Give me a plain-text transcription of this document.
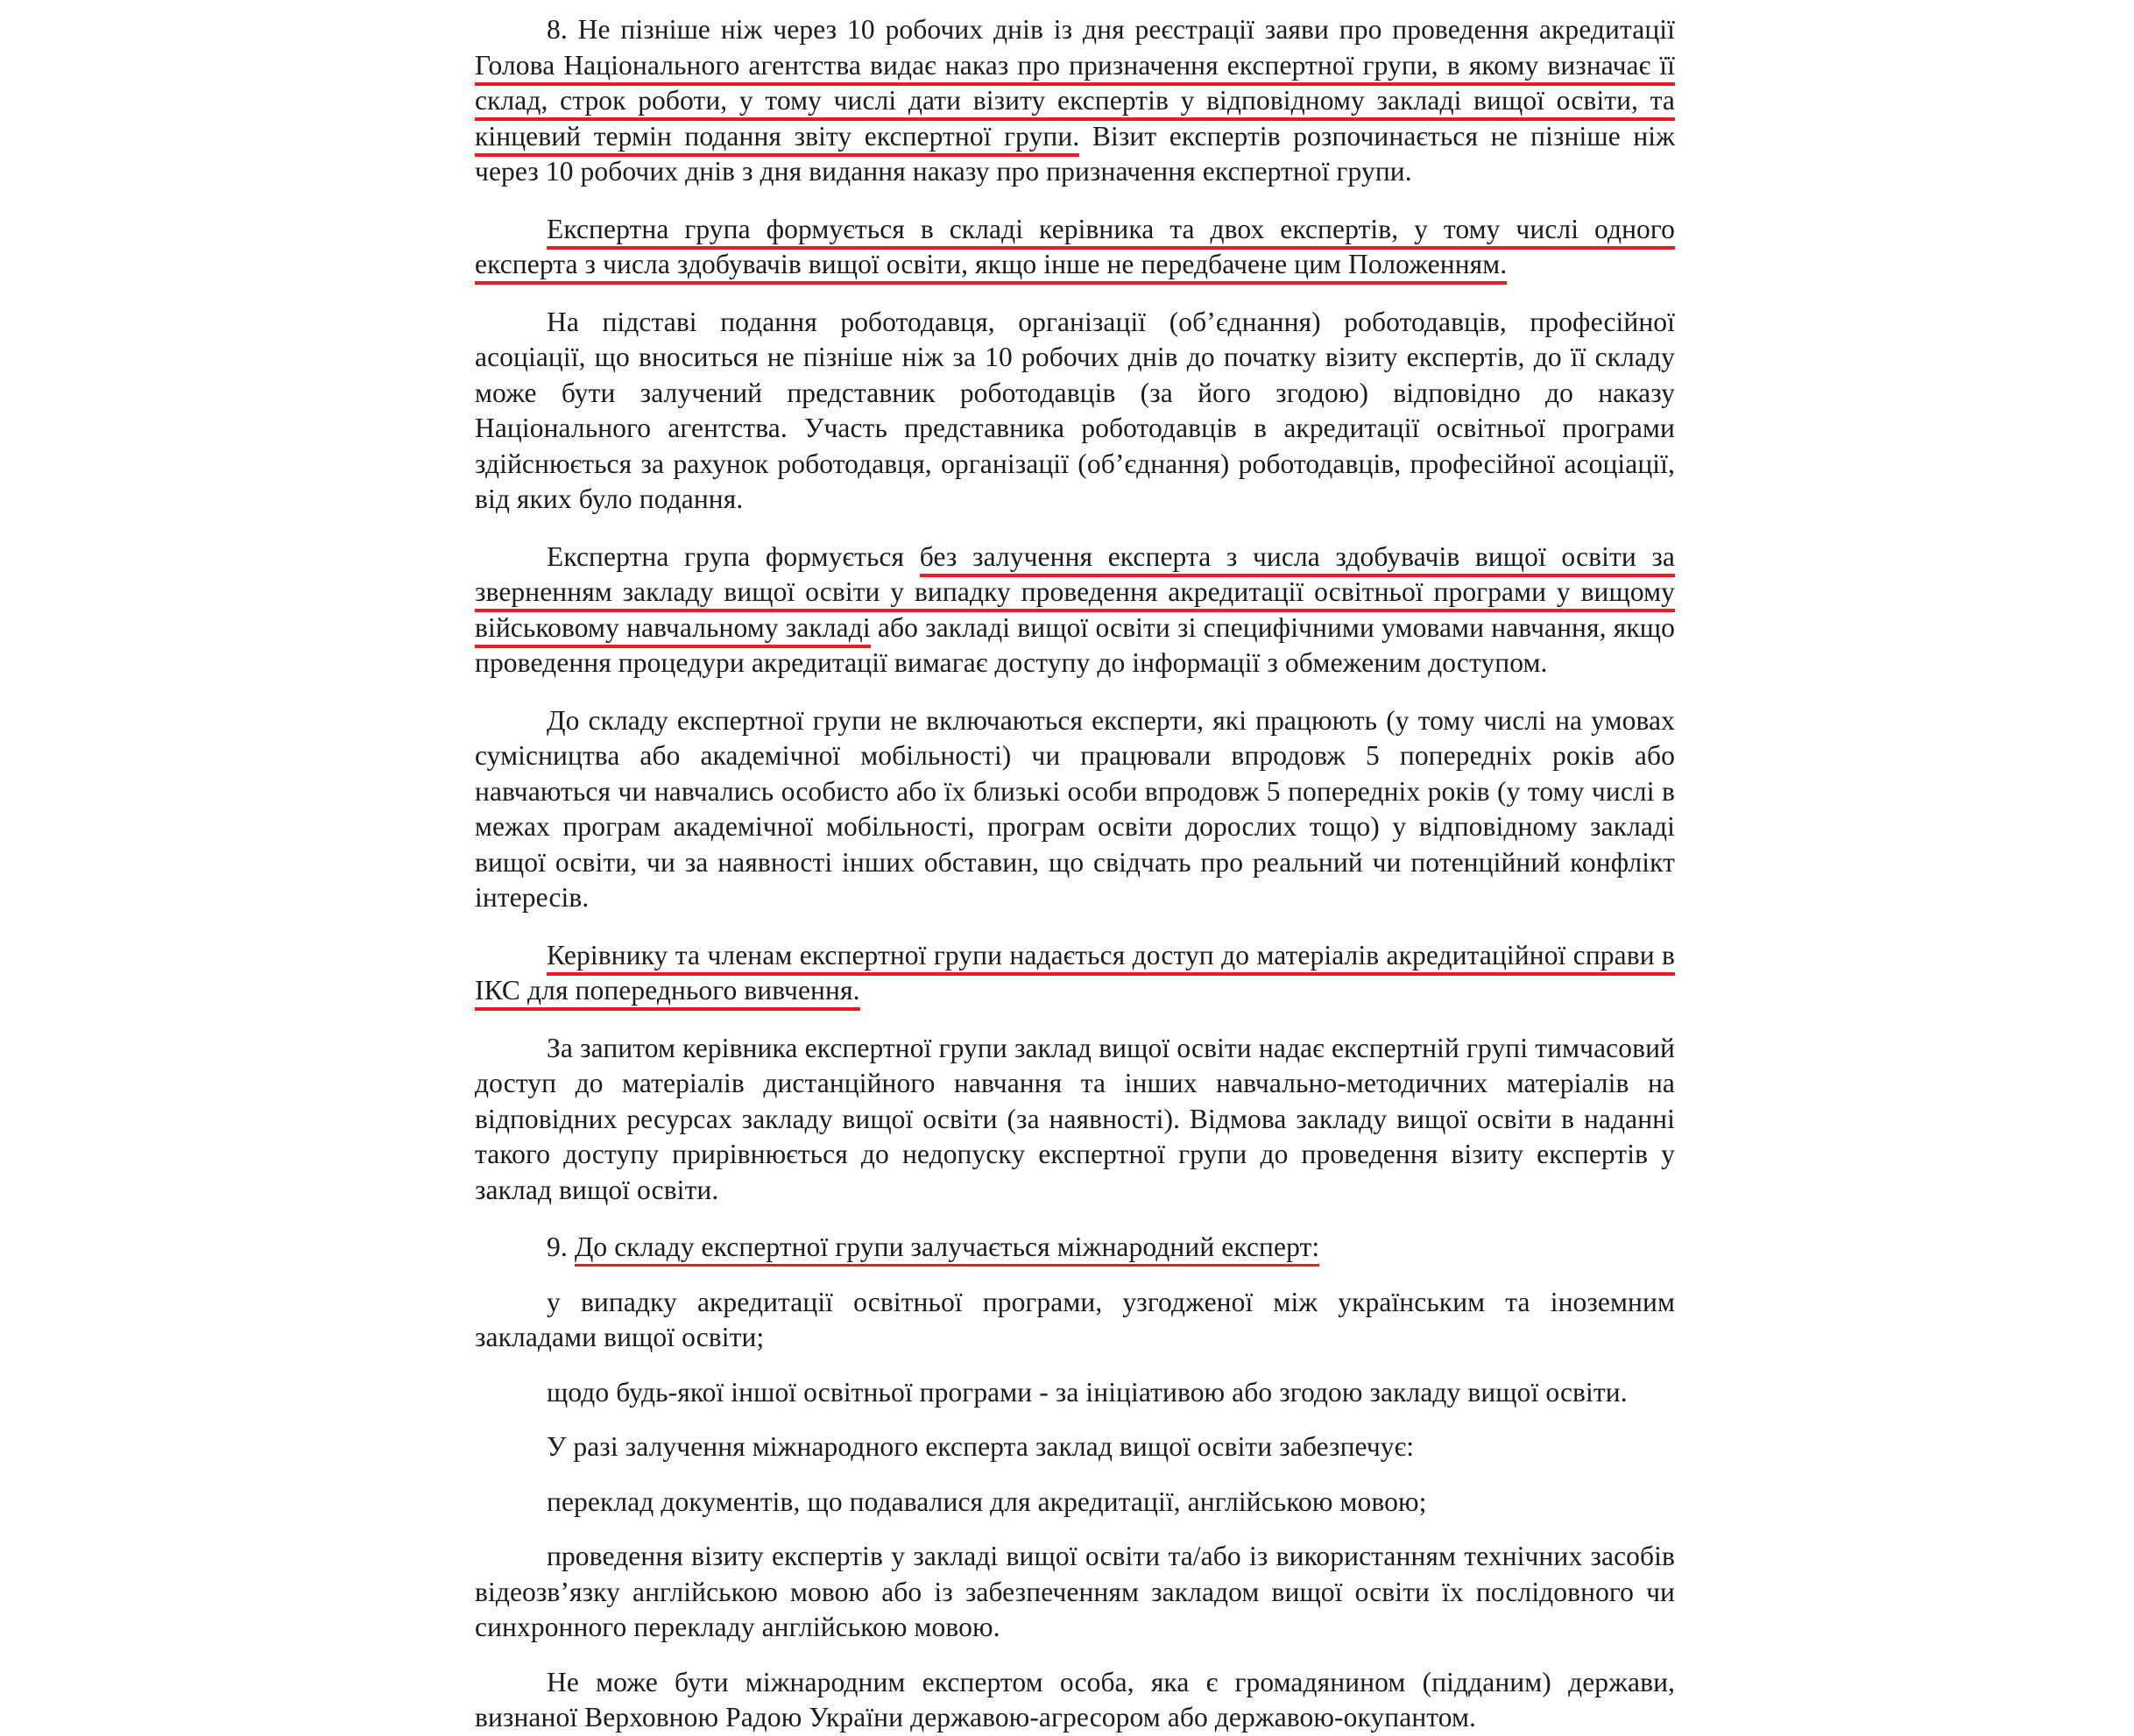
8. Не пізніше ніж через 10 робочих днів із дня реєстрації заяви про проведення акредитації Голова Національного агентства видає наказ про призначення експертної групи, в якому визначає її склад, строк роботи, у тому числі дати візиту експертів у відповідному закладі вищої освіти, та кінцевий термін подання звіту експертної групи. Візит експертів розпочинається не пізніше ніж через 10 робочих днів з дня видання наказу про призначення експертної групи.

Експертна група формується в складі керівника та двох експертів, у тому числі одного експерта з числа здобувачів вищої освіти, якщо інше не передбачене цим Положенням.

На підставі подання роботодавця, організації (об’єднання) роботодавців, професійної асоціації, що вноситься не пізніше ніж за 10 робочих днів до початку візиту експертів, до її складу може бути залучений представник роботодавців (за його згодою) відповідно до наказу Національного агентства. Участь представника роботодавців в акредитації освітньої програми здійснюється за рахунок роботодавця, організації (об’єднання) роботодавців, професійної асоціації, від яких було подання.

Експертна група формується без залучення експерта з числа здобувачів вищої освіти за зверненням закладу вищої освіти у випадку проведення акредитації освітньої програми у вищому військовому навчальному закладі або закладі вищої освіти зі специфічними умовами навчання, якщо проведення процедури акредитації вимагає доступу до інформації з обмеженим доступом.

До складу експертної групи не включаються експерти, які працюють (у тому числі на умовах сумісництва або академічної мобільності) чи працювали впродовж 5 попередніх років або навчаються чи навчались особисто або їх близькі особи впродовж 5 попередніх років (у тому числі в межах програм академічної мобільності, програм освіти дорослих тощо) у відповідному закладі вищої освіти, чи за наявності інших обставин, що свідчать про реальний чи потенційний конфлікт інтересів.

Керівнику та членам експертної групи надається доступ до матеріалів акредитаційної справи в ІКС для попереднього вивчення.

За запитом керівника експертної групи заклад вищої освіти надає експертній групі тимчасовий доступ до матеріалів дистанційного навчання та інших навчально-методичних матеріалів на відповідних ресурсах закладу вищої освіти (за наявності). Відмова закладу вищої освіти в наданні такого доступу прирівнюється до недопуску експертної групи до проведення візиту експертів у заклад вищої освіти.

9. До складу експертної групи залучається міжнародний експерт:

у випадку акредитації освітньої програми, узгодженої між українським та іноземним закладами вищої освіти;

щодо будь-якої іншої освітньої програми - за ініціативою або згодою закладу вищої освіти.

У разі залучення міжнародного експерта заклад вищої освіти забезпечує:

переклад документів, що подавалися для акредитації, англійською мовою;

проведення візиту експертів у закладі вищої освіти та/або із використанням технічних засобів відеозв’язку англійською мовою або із забезпеченням закладом вищої освіти їх послідовного чи синхронного перекладу англійською мовою.

Не може бути міжнародним експертом особа, яка є громадянином (підданим) держави, визнаної Верховною Радою України державою-агресором або державою-окупантом.
